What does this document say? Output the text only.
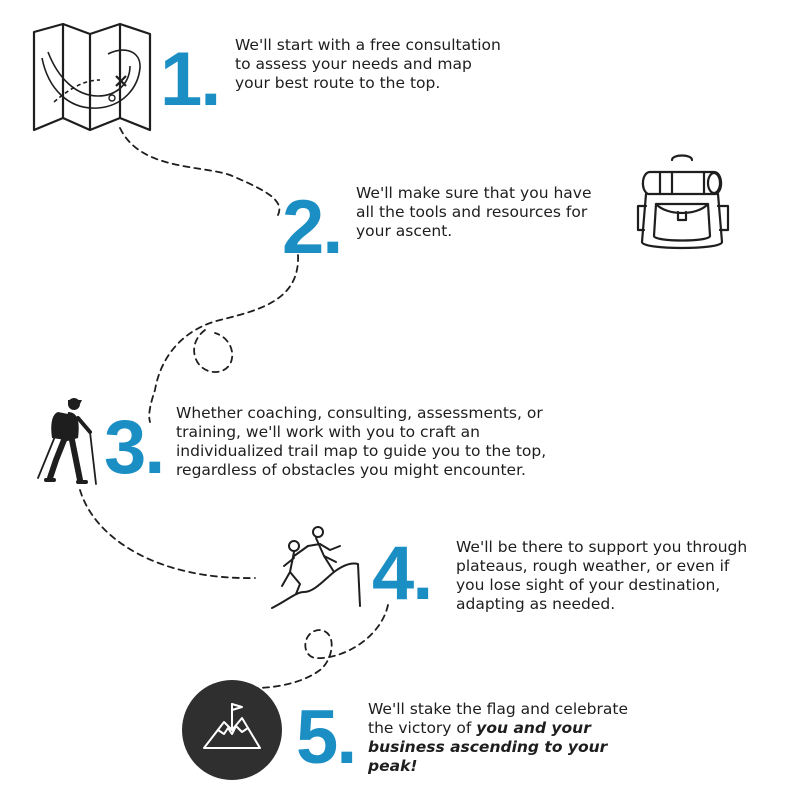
1. We'll start with a free consultation to assess your needs and map your best route to the top.
2. We'll make sure that you have all the tools and resources for your ascent.
3. Whether coaching, consulting, assessments, or training, we'll work with you to craft an individualized trail map to guide you to the top, regardless of obstacles you might encounter.
4. We'll be there to support you through plateaus, rough weather, or even if you lose sight of your destination, adapting as needed.
5. We'll stake the flag and celebrate the victory of you and your business ascending to your peak!
